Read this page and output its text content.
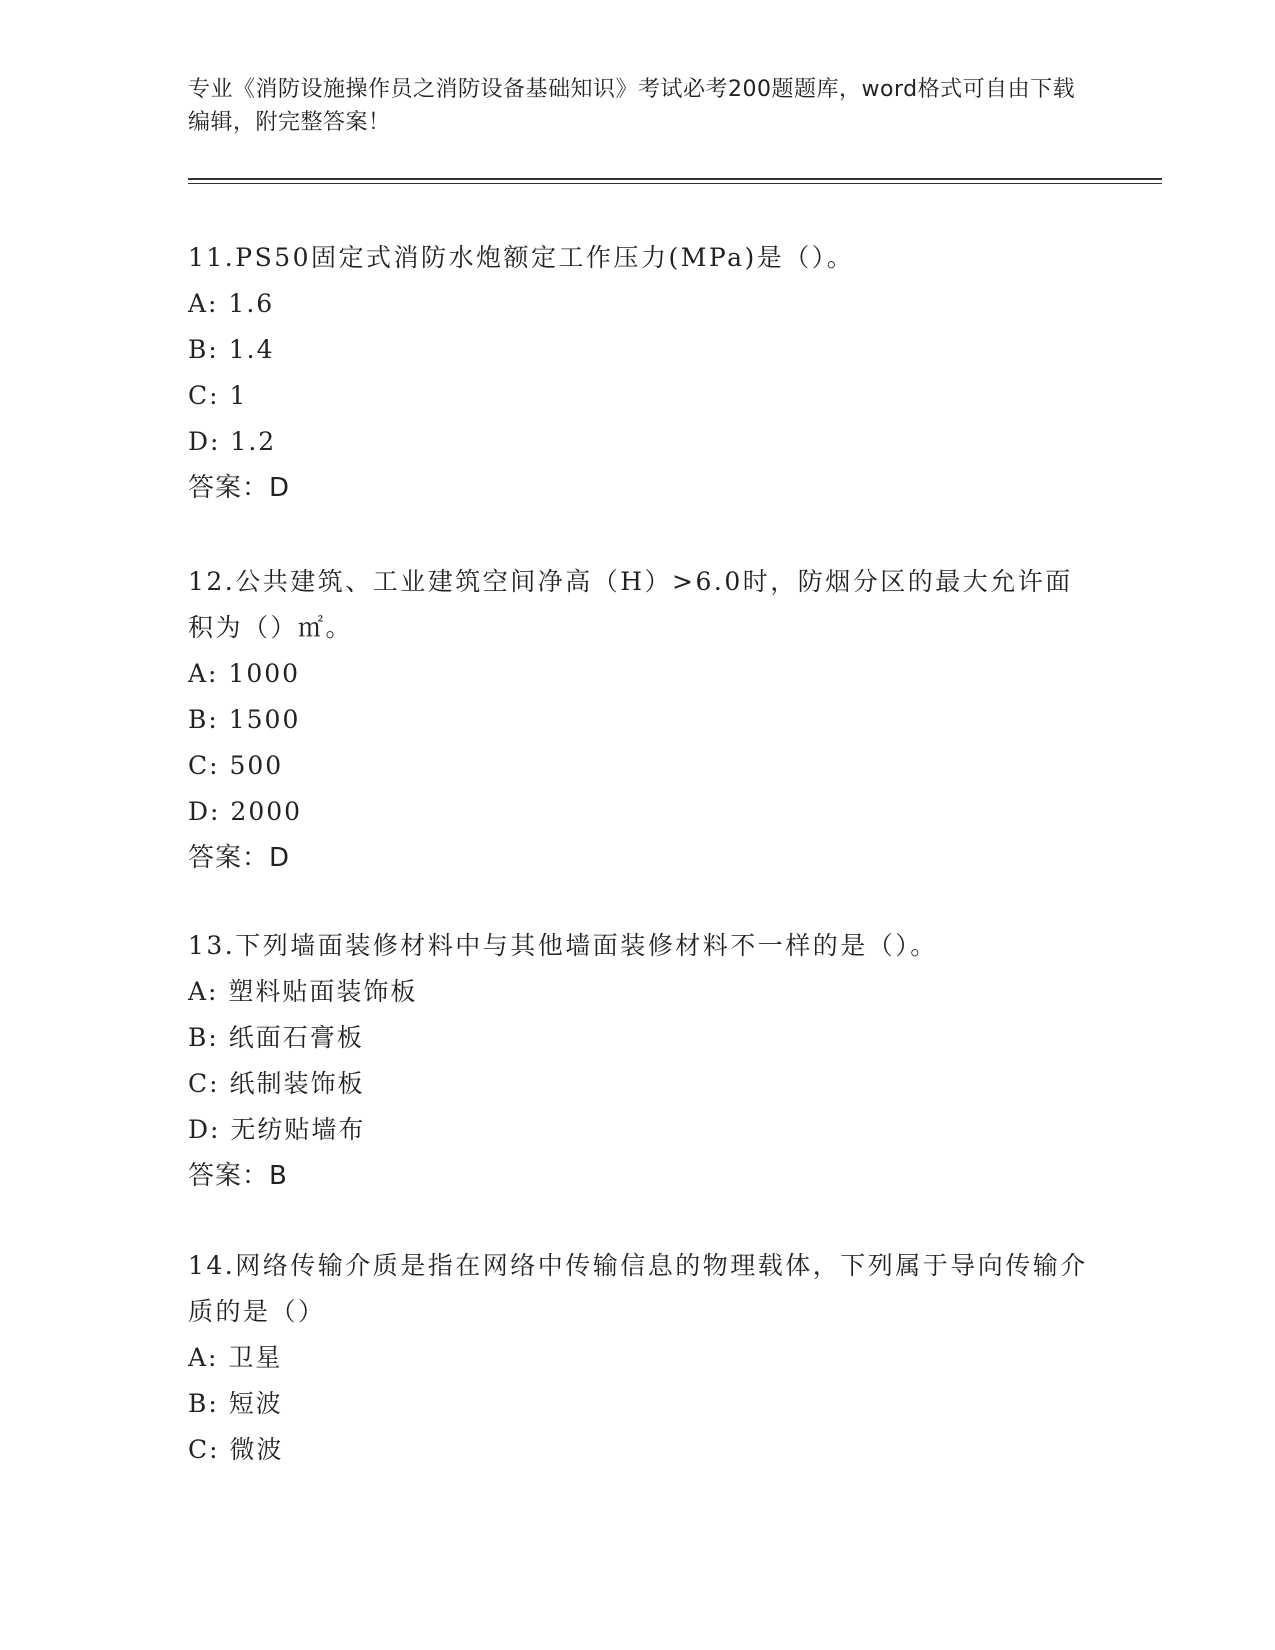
专业《消防设施操作员之消防设备基础知识》考试必考200题题库，word格式可自由下载编辑，附完整答案！

11.PS50固定式消防水炮额定工作压力(MPa)是（）。

A: 1.6

B: 1.4

C: 1

D: 1.2

答案：D

12.公共建筑、工业建筑空间净高（H）>6.0时，防烟分区的最大允许面积为（）㎡。

A: 1000

B: 1500

C: 500

D: 2000

答案：D

13.下列墙面装修材料中与其他墙面装修材料不一样的是（）。

A: 塑料贴面装饰板

B: 纸面石膏板

C: 纸制装饰板

D: 无纺贴墙布

答案：B

14.网络传输介质是指在网络中传输信息的物理载体，下列属于导向传输介质的是（）

A: 卫星

B: 短波

C: 微波
